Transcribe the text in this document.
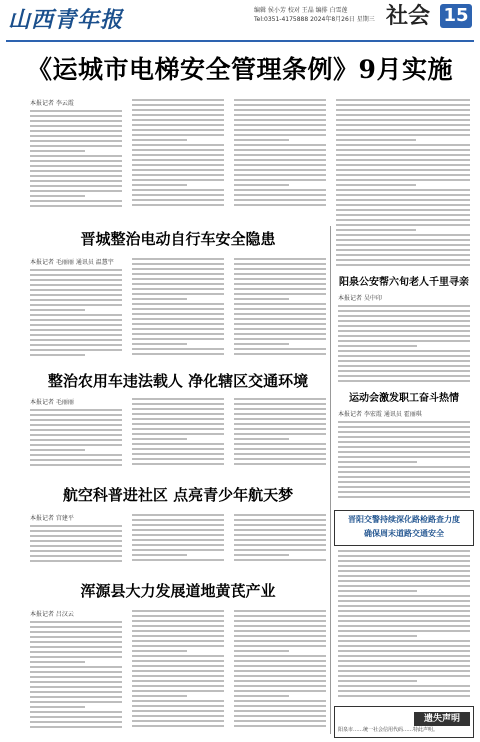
山西青年报	编辑 侯小芳 校对 王晶 编排 白雪莲
Tel:0351-4175888 2024年8月26日 星期三 社会 15
《运城市电梯安全管理条例》9月实施
本报记者 李云霞
晋城整治电动自行车安全隐患
本报记者 毛丽丽 通讯员 温慧宇
整治农用车违法载人 净化辖区交通环境
本报记者 毛丽丽
航空科普进社区 点亮青少年航天梦
本报记者 宫建平
浑源县大力发展道地黄芪产业
本报记者 吕汉云
阳泉公安帮六旬老人千里寻亲
本报记者 吴中印
运动会激发职工奋斗热情
本报记者 李宏霞 通讯员 霍丽琪
晋阳交警持续深化路检路查力度
确保周末道路交通安全
遗失声明
阳泉市……统一社会信用代码……特此声明。
